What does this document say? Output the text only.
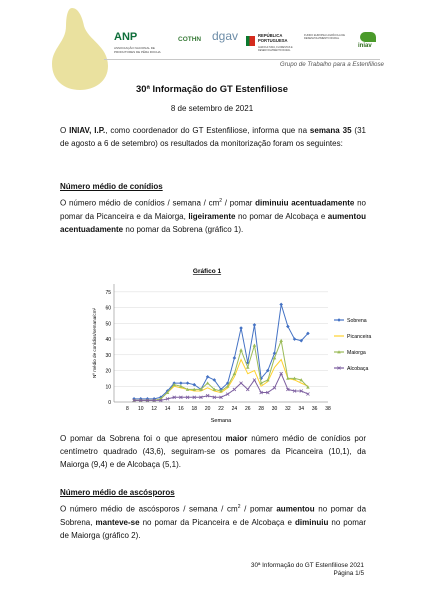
ANP
ASSOCIAÇÃO NACIONAL DE PRODUTORES DE PÊRA ROCHA
COTHN dgav	REPÚBLICA PORTUGUESA
AGRICULTURA, FLORESTAS E DESENVOLVIMENTO RURAL
FUNDO EUROPEU AGRÍCOLA DE DESENVOLVIMENTO RURAL
iniav
Grupo de Trabalho para a Estenfiliose
30ª Informação do GT Estenfiliose
8 de setembro de 2021
O INIAV, I.P., como coordenador do GT Estenfiliose, informa que na semana 35 (31 de agosto a 6 de setembro) os resultados da monitorização foram os seguintes:
Número médio de conídios
O número médio de conídios / semana / $cm^2$ / pomar diminuiu acentuadamente no pomar da Picanceira e da Maiorga, ligeiramente no pomar de Alcobaça e aumentou acentuadamente no pomar da Sobrena (gráfico 1).
Gráfico 1
0
10
20
30
40
50
60
75
8 10 12 14 16 18 20 22 24 26 28 30 32 34 36 38
Semana
Nº médio de conídios/semana/cm²	Sobrena
Picanceira
Maiorga
Alcobaça
O pomar da Sobrena foi o que apresentou maior número médio de conídios por centímetro quadrado (43,6), seguiram-se os pomares da Picanceira (10,1), da Maiorga (9,4) e de Alcobaça (5,1).
Número médio de ascósporos
O número médio de ascósporos / semana / $cm^2$ / pomar aumentou no pomar da Sobrena, manteve-se no pomar da Picanceira e de Alcobaça e diminuiu no pomar de Maiorga (gráfico 2).
30ª Informação do GT Estenfiliose 2021
Página 1/5
